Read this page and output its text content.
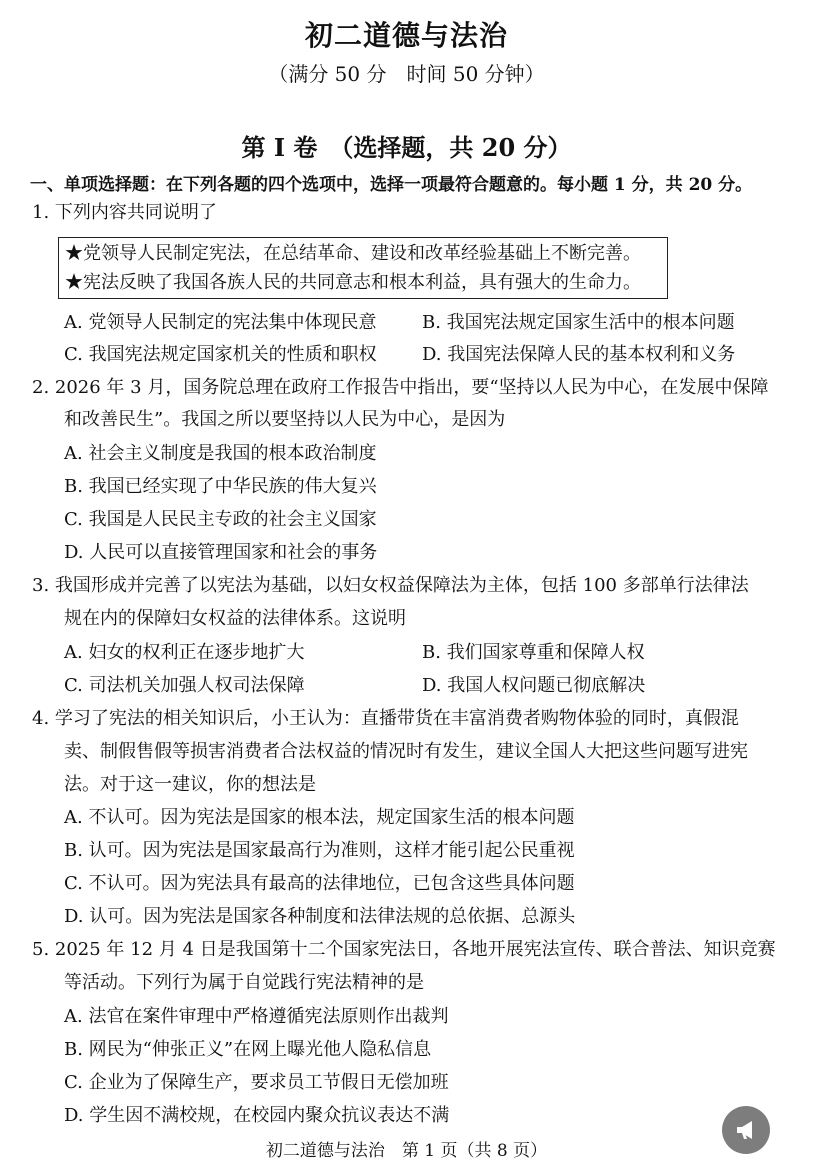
初二道德与法治
（满分 50 分　时间 50 分钟）
第 I 卷　（选择题，共 20 分）
一、单项选择题：在下列各题的四个选项中，选择一项最符合题意的。每小题 1 分，共 20 分。
1. 下列内容共同说明了
★党领导人民制定宪法，在总结革命、建设和改革经验基础上不断完善。
★宪法反映了我国各族人民的共同意志和根本利益，具有强大的生命力。
A. 党领导人民制定的宪法集中体现民意	B. 我国宪法规定国家生活中的根本问题
C. 我国宪法规定国家机关的性质和职权	D. 我国宪法保障人民的基本权利和义务
2. 2026 年 3 月，国务院总理在政府工作报告中指出，要“坚持以人民为中心，在发展中保障
和改善民生”。我国之所以要坚持以人民为中心，是因为
A. 社会主义制度是我国的根本政治制度
B. 我国已经实现了中华民族的伟大复兴
C. 我国是人民民主专政的社会主义国家
D. 人民可以直接管理国家和社会的事务
3. 我国形成并完善了以宪法为基础，以妇女权益保障法为主体，包括 100 多部单行法律法
规在内的保障妇女权益的法律体系。这说明
A. 妇女的权利正在逐步地扩大	B. 我们国家尊重和保障人权
C. 司法机关加强人权司法保障	D. 我国人权问题已彻底解决
4. 学习了宪法的相关知识后，小王认为：直播带货在丰富消费者购物体验的同时，真假混
卖、制假售假等损害消费者合法权益的情况时有发生，建议全国人大把这些问题写进宪
法。对于这一建议，你的想法是
A. 不认可。因为宪法是国家的根本法，规定国家生活的根本问题
B. 认可。因为宪法是国家最高行为准则，这样才能引起公民重视
C. 不认可。因为宪法具有最高的法律地位，已包含这些具体问题
D. 认可。因为宪法是国家各种制度和法律法规的总依据、总源头
5. 2025 年 12 月 4 日是我国第十二个国家宪法日，各地开展宪法宣传、联合普法、知识竞赛
等活动。下列行为属于自觉践行宪法精神的是
A. 法官在案件审理中严格遵循宪法原则作出裁判
B. 网民为“伸张正义”在网上曝光他人隐私信息
C. 企业为了保障生产，要求员工节假日无偿加班
D. 学生因不满校规，在校园内聚众抗议表达不满
初二道德与法治　第 1 页（共 8 页）
